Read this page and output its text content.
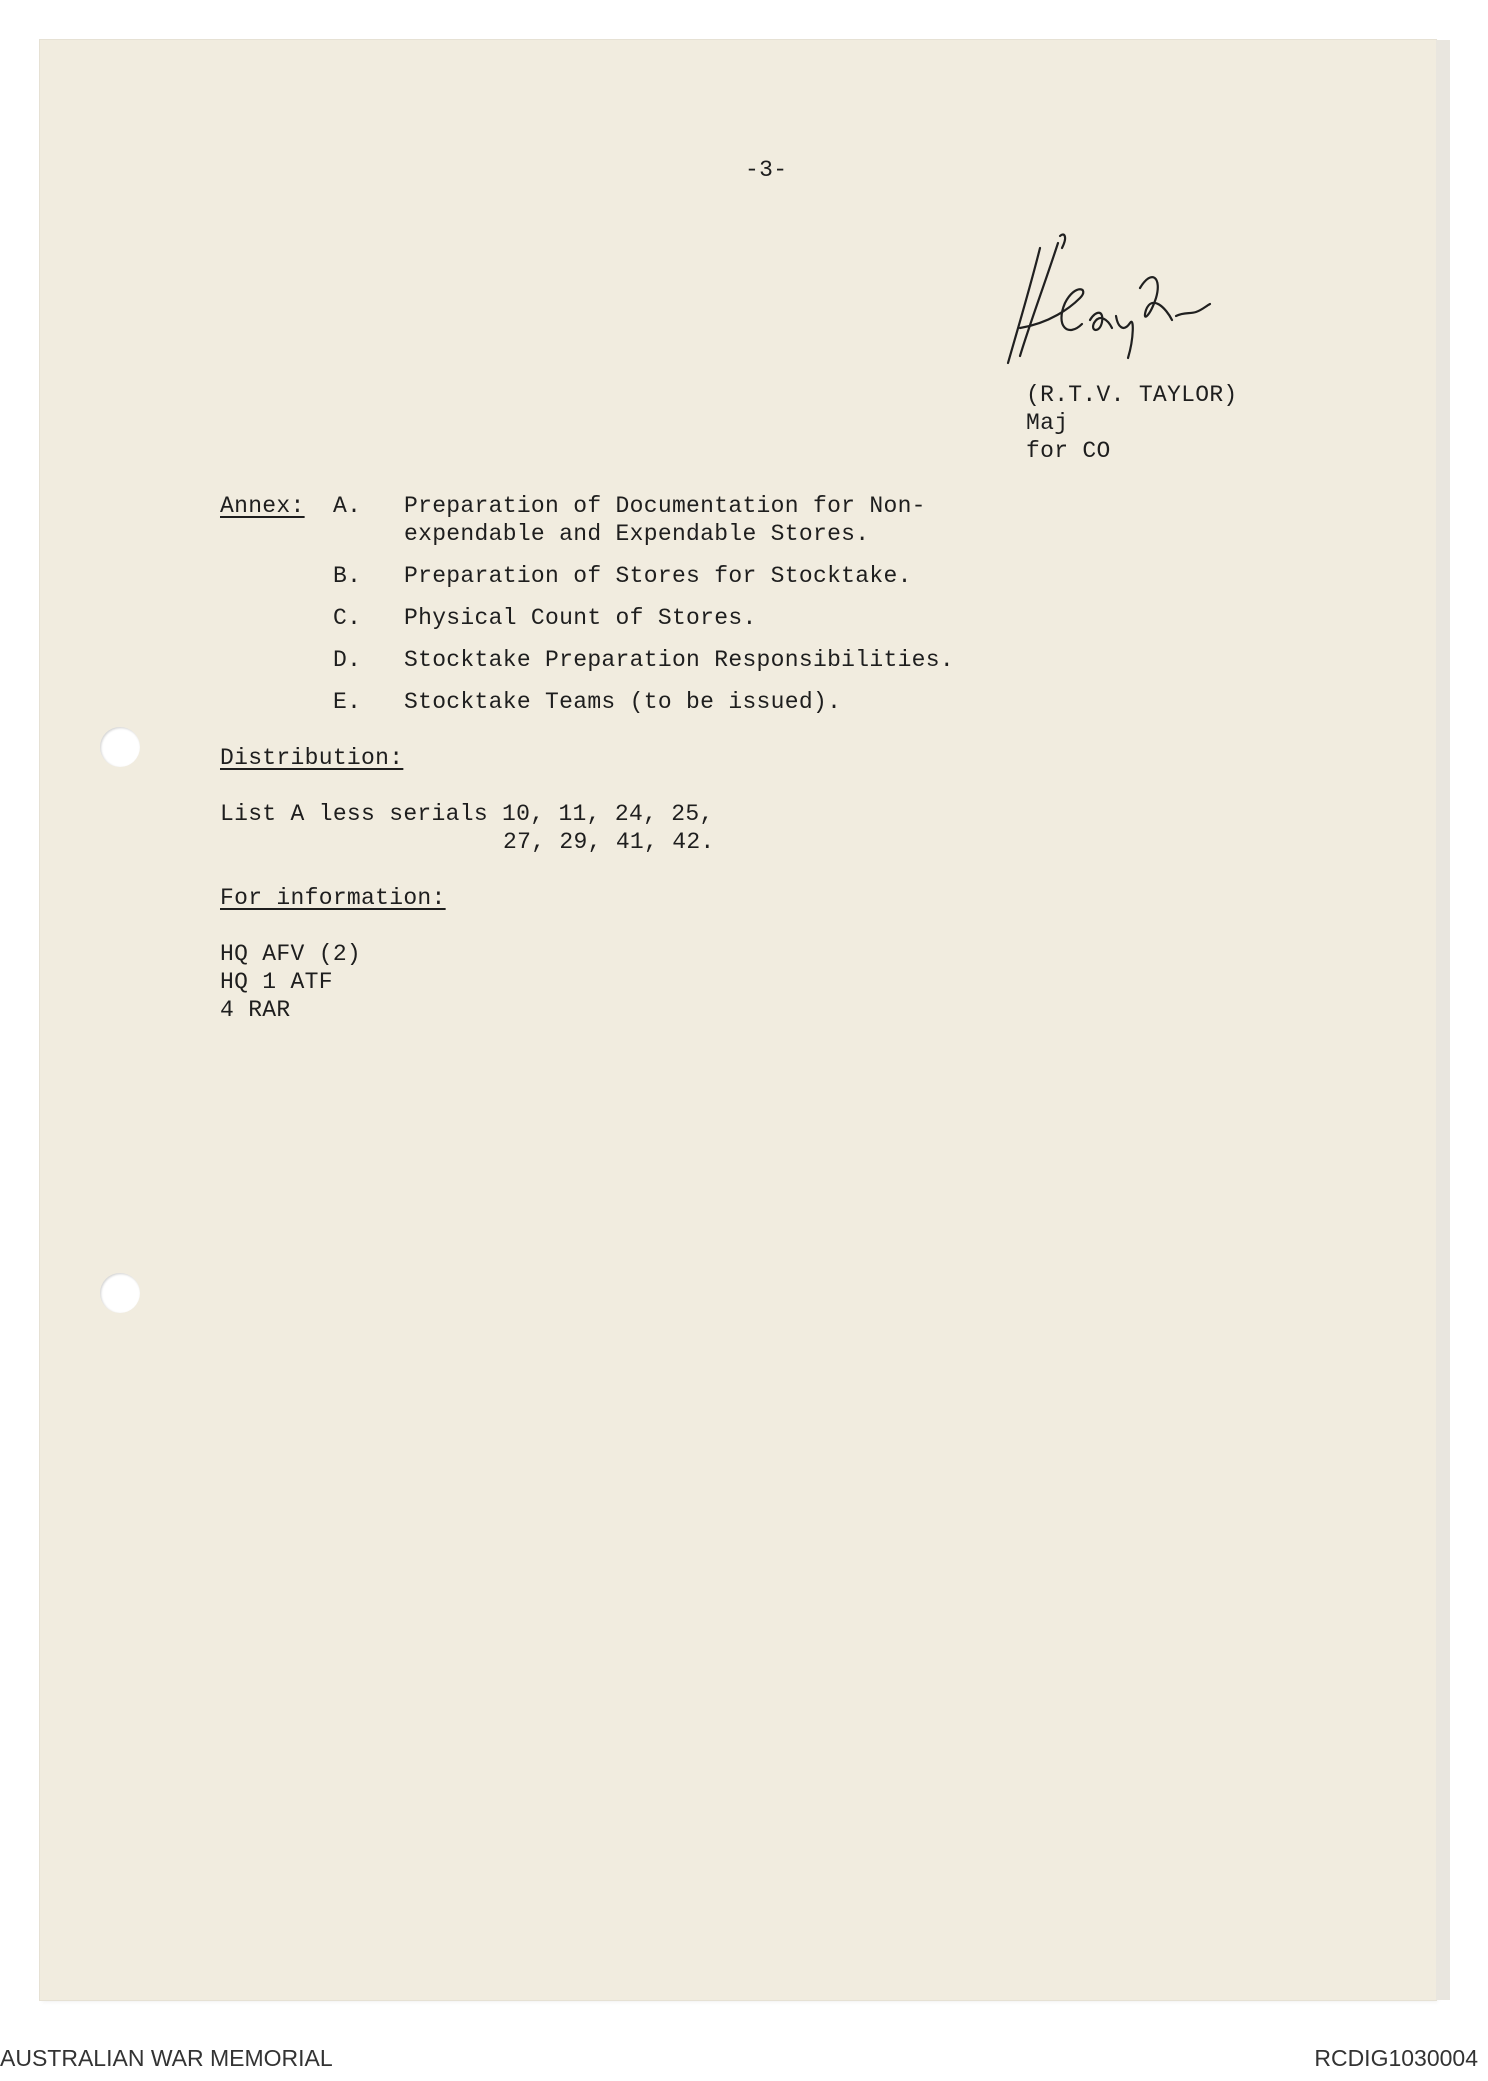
-3-
(R.T.V. TAYLOR)
Maj
for CO
Annex: A. Preparation of Documentation for Non-
expendable and Expendable Stores.
B. Preparation of Stores for Stocktake.
C. Physical Count of Stores.
D. Stocktake Preparation Responsibilities.
E. Stocktake Teams (to be issued).
Distribution:
List A less serials 10, 11, 24, 25,
27, 29, 41, 42.
For information:
HQ AFV (2)
HQ 1 ATF
4 RAR
AUSTRALIAN WAR MEMORIAL	RCDIG1030004
